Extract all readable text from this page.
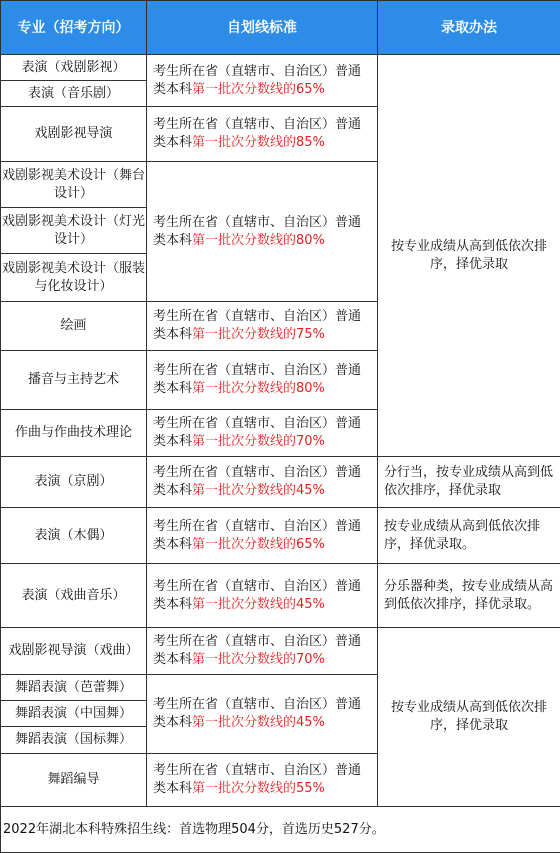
专业（招考方向）	自划线标准	录取办法
表演（戏剧影视）	考生所在省（直辖市、自治区）普通类本科第一批次分数线的65%	按专业成绩从高到低依次排序，择优录取
表演（音乐剧）		
戏剧影视导演	考生所在省（直辖市、自治区）普通类本科第一批次分数线的85%	
戏剧影视美术设计（舞台设计）	考生所在省（直辖市、自治区）普通类本科第一批次分数线的80%	
戏剧影视美术设计（灯光设计）		
戏剧影视美术设计（服装与化妆设计）		
绘画	考生所在省（直辖市、自治区）普通类本科第一批次分数线的75%	
播音与主持艺术	考生所在省（直辖市、自治区）普通类本科第一批次分数线的80%	
作曲与作曲技术理论	考生所在省（直辖市、自治区）普通类本科第一批次分数线的70%	
表演（京剧）	考生所在省（直辖市、自治区）普通类本科第一批次分数线的45%	分行当，按专业成绩从高到低依次排序，择优录取
表演（木偶）	考生所在省（直辖市、自治区）普通类本科第一批次分数线的65%	按专业成绩从高到低依次排序，择优录取。
表演（戏曲音乐）	考生所在省（直辖市、自治区）普通类本科第一批次分数线的45%	分乐器种类，按专业成绩从高到低依次排序，择优录取。
戏剧影视导演（戏曲）	考生所在省（直辖市、自治区）普通类本科第一批次分数线的70%	按专业成绩从高到低依次排序，择优录取
舞蹈表演（芭蕾舞）	考生所在省（直辖市、自治区）普通类本科第一批次分数线的45%	
舞蹈表演（中国舞）		
舞蹈表演（国标舞）		
舞蹈编导	考生所在省（直辖市、自治区）普通类本科第一批次分数线的55%	
2022年湖北本科特殊招生线：首选物理504分，首选历史527分。		
